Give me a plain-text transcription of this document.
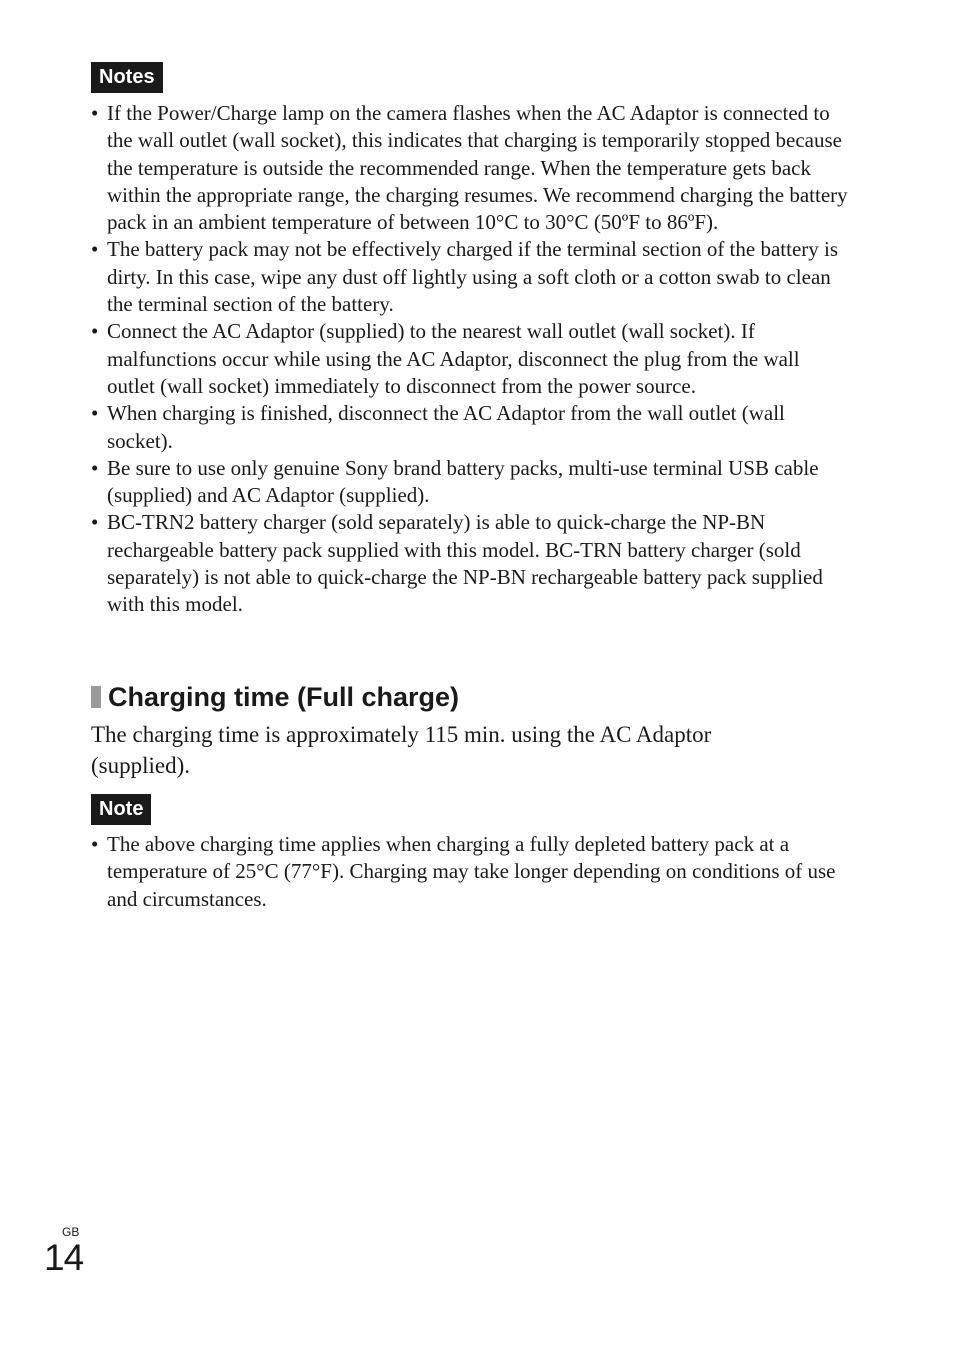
Notes
• If the Power/Charge lamp on the camera flashes when the AC Adaptor is connected to the wall outlet (wall socket), this indicates that charging is temporarily stopped because the temperature is outside the recommended range. When the temperature gets back within the appropriate range, the charging resumes. We recommend charging the battery pack in an ambient temperature of between 10°C to 30°C (50ºF to 86ºF).
• The battery pack may not be effectively charged if the terminal section of the battery is dirty. In this case, wipe any dust off lightly using a soft cloth or a cotton swab to clean the terminal section of the battery.
• Connect the AC Adaptor (supplied) to the nearest wall outlet (wall socket). If malfunctions occur while using the AC Adaptor, disconnect the plug from the wall outlet (wall socket) immediately to disconnect from the power source.
• When charging is finished, disconnect the AC Adaptor from the wall outlet (wall socket).
• Be sure to use only genuine Sony brand battery packs, multi-use terminal USB cable (supplied) and AC Adaptor (supplied).
• BC-TRN2 battery charger (sold separately) is able to quick-charge the NP-BN rechargeable battery pack supplied with this model. BC-TRN battery charger (sold separately) is not able to quick-charge the NP-BN rechargeable battery pack supplied with this model.
Charging time (Full charge)

The charging time is approximately 115 min. using the AC Adaptor (supplied).

Note
• The above charging time applies when charging a fully depleted battery pack at a temperature of 25°C (77°F). Charging may take longer depending on conditions of use and circumstances.
GB
14
